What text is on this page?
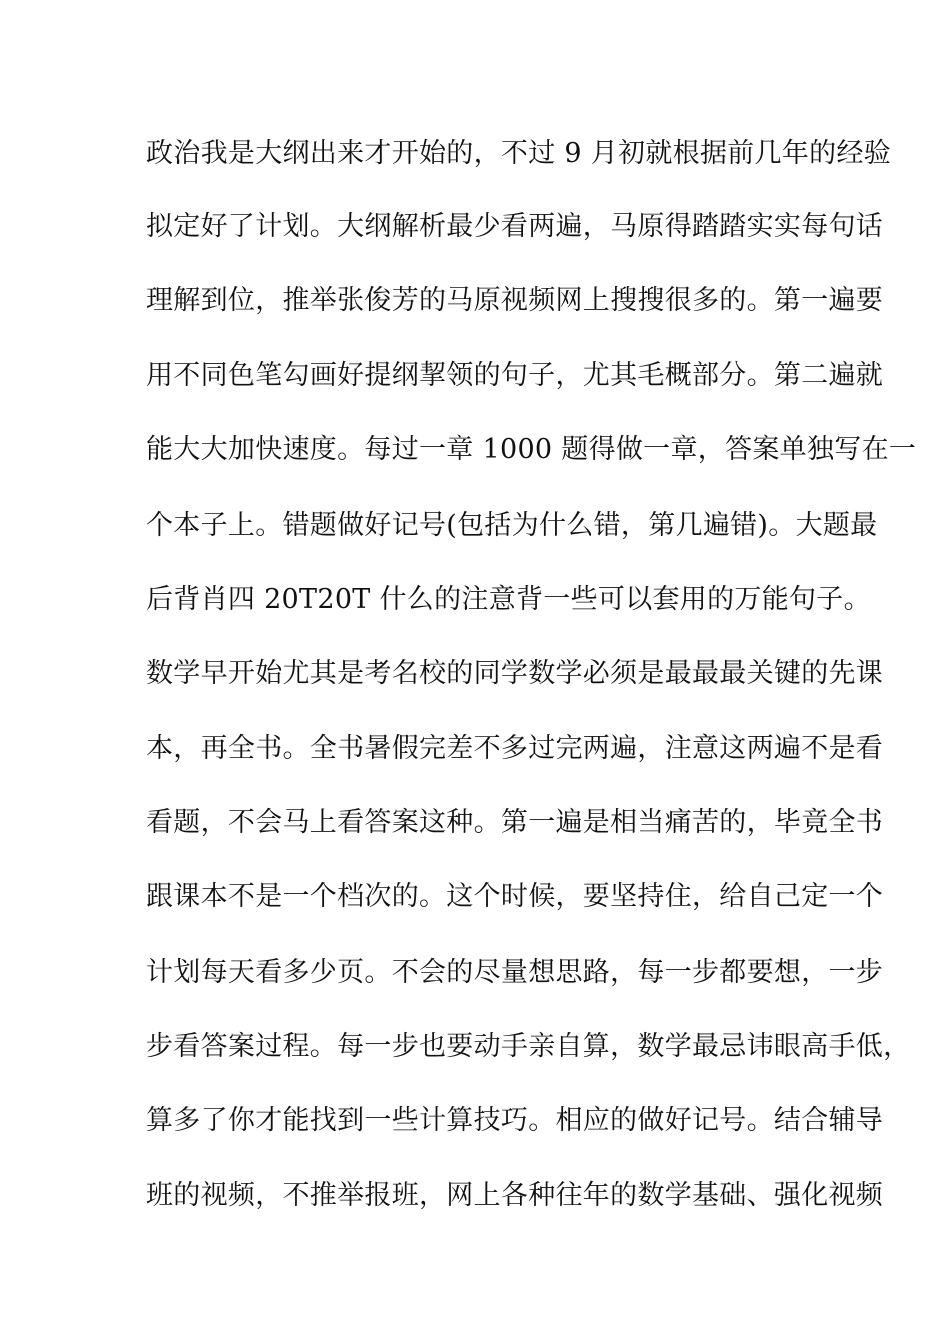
政治我是大纲出来才开始的，不过 9 月初就根据前几年的经验
拟定好了计划。大纲解析最少看两遍，马原得踏踏实实每句话
理解到位，推举张俊芳的马原视频网上搜搜很多的。第一遍要
用不同色笔勾画好提纲挈领的句子，尤其毛概部分。第二遍就
能大大加快速度。每过一章 1000 题得做一章，答案单独写在一
个本子上。错题做好记号(包括为什么错，第几遍错)。大题最
后背肖四 20T20T 什么的注意背一些可以套用的万能句子。
数学早开始尤其是考名校的同学数学必须是最最最关键的先课
本，再全书。全书暑假完差不多过完两遍，注意这两遍不是看
看题，不会马上看答案这种。第一遍是相当痛苦的，毕竟全书
跟课本不是一个档次的。这个时候，要坚持住，给自己定一个
计划每天看多少页。不会的尽量想思路，每一步都要想，一步
步看答案过程。每一步也要动手亲自算，数学最忌讳眼高手低，
算多了你才能找到一些计算技巧。相应的做好记号。结合辅导
班的视频，不推举报班，网上各种往年的数学基础、强化视频
